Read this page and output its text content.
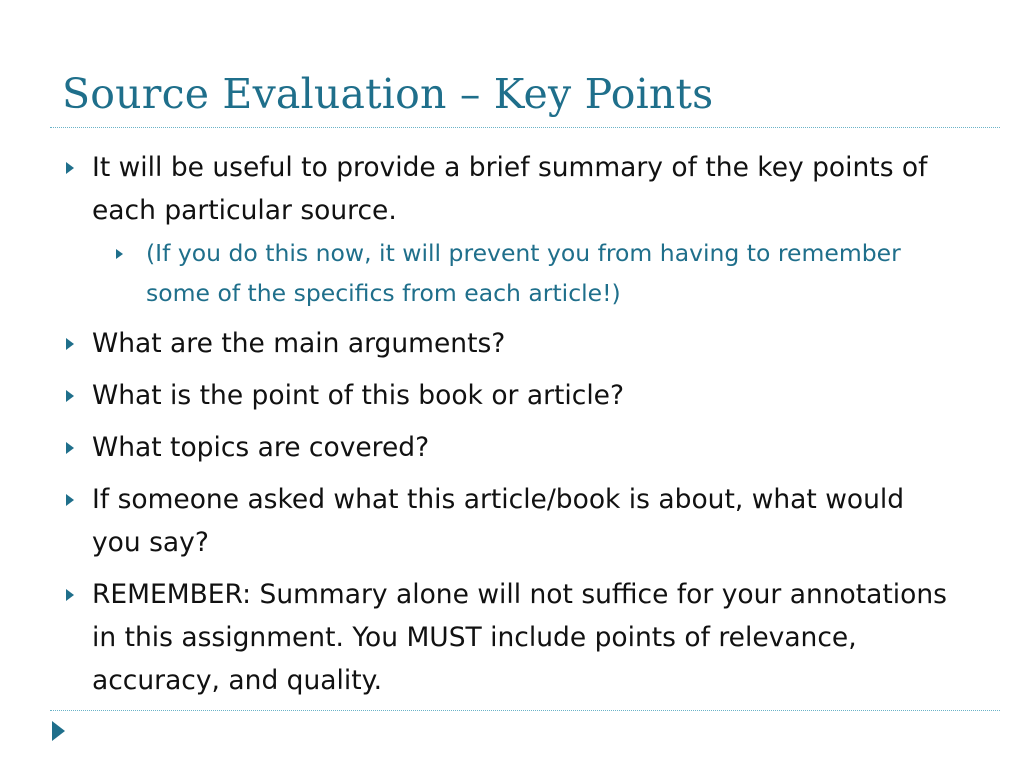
Source Evaluation – Key Points
It will be useful to provide a brief summary of the key points of each particular source.
(If you do this now, it will prevent you from having to remember some of the specifics from each article!)
What are the main arguments?
What is the point of this book or article?
What topics are covered?
If someone asked what this article/book is about, what would you say?
REMEMBER: Summary alone will not suffice for your annotations in this assignment. You MUST include points of relevance, accuracy, and quality.
